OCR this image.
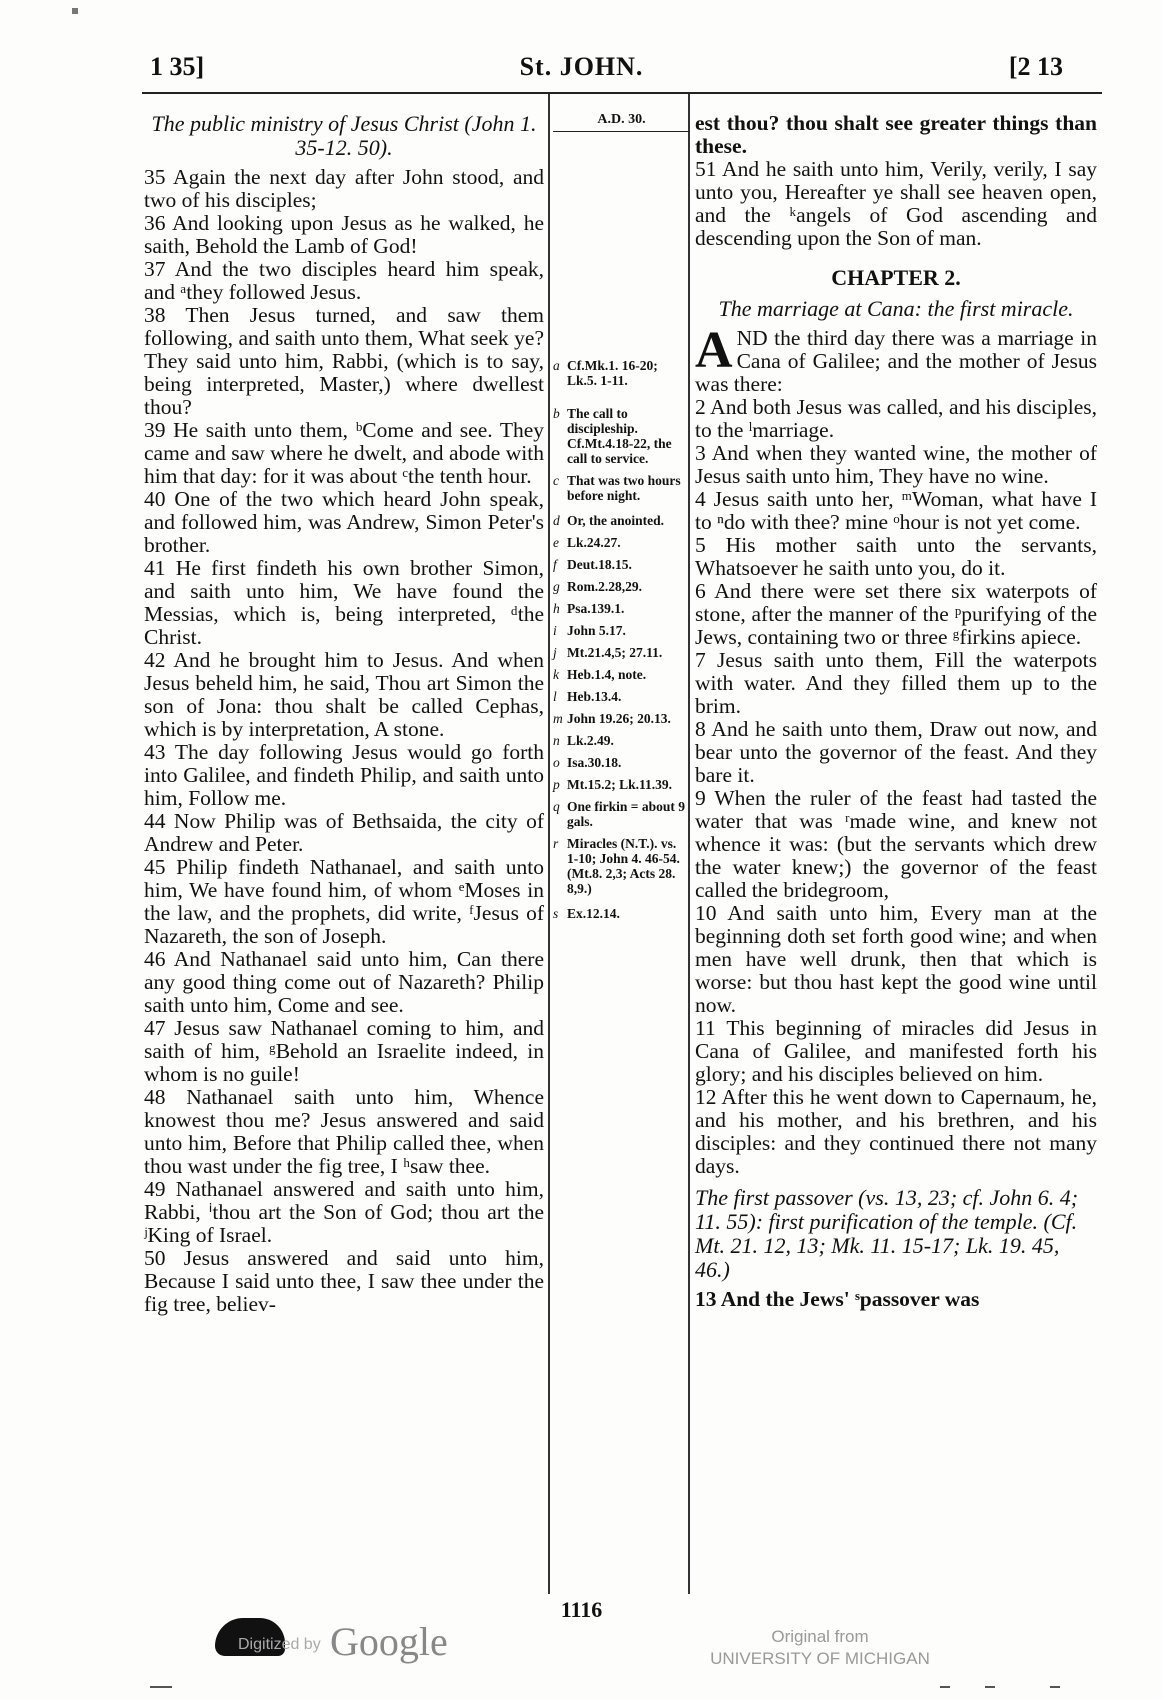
1 35]	St. JOHN.	[2 13

The public ministry of Jesus Christ (John 1. 35-12. 50).

35 Again the next day after John stood, and two of his disciples;

36 And looking upon Jesus as he walked, he saith, Behold the Lamb of God!

37 And the two disciples heard him speak, and ᵃthey followed Jesus.

38 Then Jesus turned, and saw them following, and saith unto them, What seek ye? They said unto him, Rabbi, (which is to say, being interpreted, Master,) where dwellest thou?

39 He saith unto them, ᵇCome and see. They came and saw where he dwelt, and abode with him that day: for it was about ᶜthe tenth hour.

40 One of the two which heard John speak, and followed him, was Andrew, Simon Peter's brother.

41 He first findeth his own brother Simon, and saith unto him, We have found the Messias, which is, being interpreted, ᵈthe Christ.

42 And he brought him to Jesus. And when Jesus beheld him, he said, Thou art Simon the son of Jona: thou shalt be called Cephas, which is by interpretation, A stone.

43 The day following Jesus would go forth into Galilee, and findeth Philip, and saith unto him, Follow me.

44 Now Philip was of Bethsaida, the city of Andrew and Peter.

45 Philip findeth Nathanael, and saith unto him, We have found him, of whom ᵉMoses in the law, and the prophets, did write, ᶠJesus of Nazareth, the son of Joseph.

46 And Nathanael said unto him, Can there any good thing come out of Nazareth? Philip saith unto him, Come and see.

47 Jesus saw Nathanael coming to him, and saith of him, ᵍBehold an Israelite indeed, in whom is no guile!

48 Nathanael saith unto him, Whence knowest thou me? Jesus answered and said unto him, Before that Philip called thee, when thou wast under the fig tree, I ʰsaw thee.

49 Nathanael answered and saith unto him, Rabbi, ⁱthou art the Son of God; thou art the ʲKing of Israel.

50 Jesus answered and said unto him, Because I said unto thee, I saw thee under the fig tree, believ-

A.D. 30.
a Cf.Mk.1. 16-20; Lk.5. 1-11.
b The call to discipleship. Cf.Mt.4.18-22, the call to service.
c That was two hours before night.
d Or, the anointed.
e Lk.24.27.
f Deut.18.15.
g Rom.2.28,29.
h Psa.139.1.
i John 5.17.
j Mt.21.4,5; 27.11.
k Heb.1.4, note.
l Heb.13.4.
m John 19.26; 20.13.
n Lk.2.49.
o Isa.30.18.
p Mt.15.2; Lk.11.39.
q One firkin = about 9 gals.
r Miracles (N.T.). vs. 1-10; John 4. 46-54. (Mt.8. 2,3; Acts 28. 8,9.)
s Ex.12.14.

est thou? thou shalt see greater things than these.

51 And he saith unto him, Verily, verily, I say unto you, Hereafter ye shall see heaven open, and the ᵏangels of God ascending and descending upon the Son of man.

CHAPTER 2.

The marriage at Cana: the first miracle.

AND the third day there was a marriage in Cana of Galilee; and the mother of Jesus was there:

2 And both Jesus was called, and his disciples, to the ˡmarriage.

3 And when they wanted wine, the mother of Jesus saith unto him, They have no wine.

4 Jesus saith unto her, ᵐWoman, what have I to ⁿdo with thee? mine ᵒhour is not yet come.

5 His mother saith unto the servants, Whatsoever he saith unto you, do it.

6 And there were set there six waterpots of stone, after the manner of the ᵖpurifying of the Jews, containing two or three ᵍfirkins apiece.

7 Jesus saith unto them, Fill the waterpots with water. And they filled them up to the brim.

8 And he saith unto them, Draw out now, and bear unto the governor of the feast. And they bare it.

9 When the ruler of the feast had tasted the water that was ʳmade wine, and knew not whence it was: (but the servants which drew the water knew;) the governor of the feast called the bridegroom,

10 And saith unto him, Every man at the beginning doth set forth good wine; and when men have well drunk, then that which is worse: but thou hast kept the good wine until now.

11 This beginning of miracles did Jesus in Cana of Galilee, and manifested forth his glory; and his disciples believed on him.

12 After this he went down to Capernaum, he, and his mother, and his brethren, and his disciples: and they continued there not many days.

The first passover (vs. 13, 23; cf. John 6. 4; 11. 55): first purification of the temple. (Cf. Mt. 21. 12, 13; Mk. 11. 15-17; Lk. 19. 45, 46.)

13 And the Jews' ˢpassover was

1116
Digitized by Google	Original from
UNIVERSITY OF MICHIGAN
